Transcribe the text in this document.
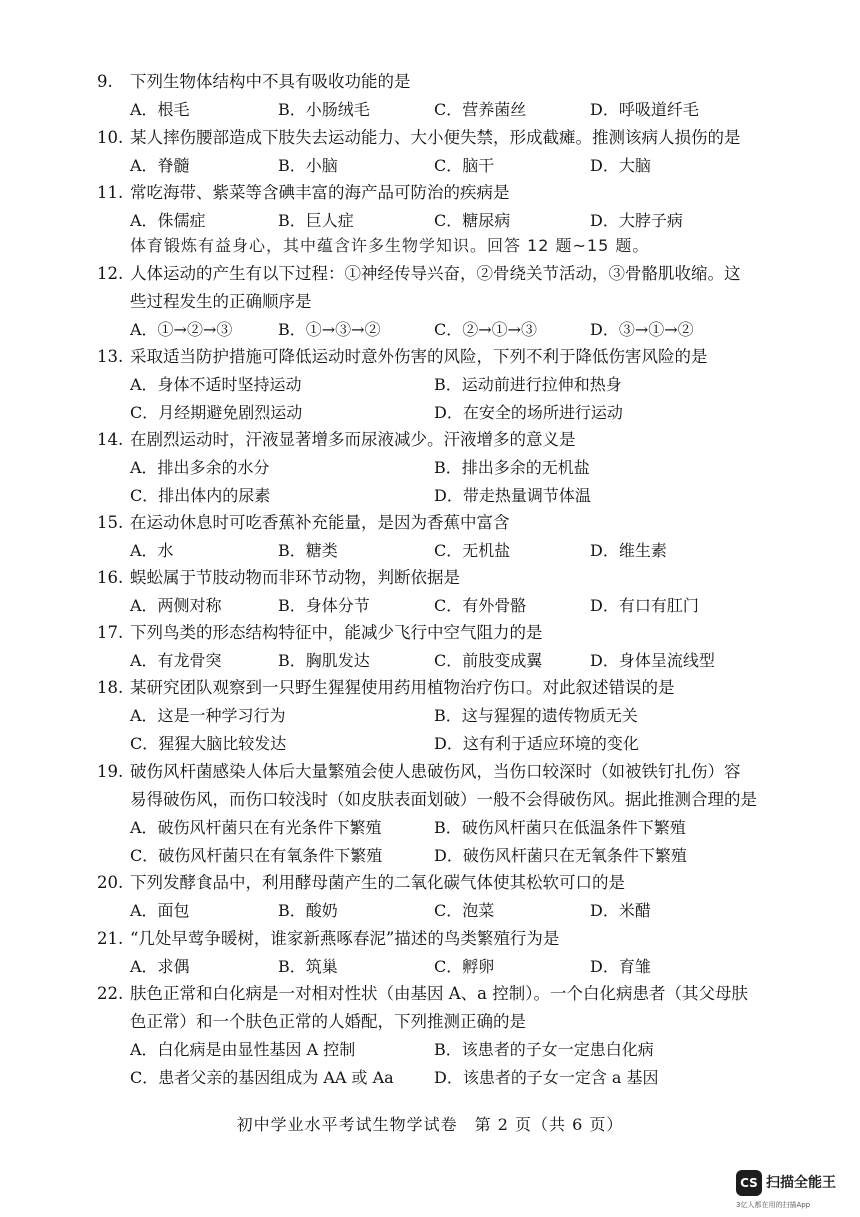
9.	下列生物体结构中不具有吸收功能的是
A．根毛	B．小肠绒毛	C．营养菌丝	D．呼吸道纤毛
10. 某人摔伤腰部造成下肢失去运动能力、大小便失禁，形成截瘫。推测该病人损伤的是
A．脊髓	B．小脑	C．脑干	D．大脑
11. 常吃海带、紫菜等含碘丰富的海产品可防治的疾病是
A．侏儒症	B．巨人症	C．糖尿病	D．大脖子病
体育锻炼有益身心，其中蕴含许多生物学知识。回答 12 题~15 题。
12. 人体运动的产生有以下过程：①神经传导兴奋，②骨绕关节活动，③骨骼肌收缩。这
些过程发生的正确顺序是
A．①→②→③	B．①→③→②	C．②→①→③	D．③→①→②
13. 采取适当防护措施可降低运动时意外伤害的风险，下列不利于降低伤害风险的是
A．身体不适时坚持运动	B．运动前进行拉伸和热身
C．月经期避免剧烈运动	D．在安全的场所进行运动
14. 在剧烈运动时，汗液显著增多而尿液减少。汗液增多的意义是
A．排出多余的水分	B．排出多余的无机盐
C．排出体内的尿素	D．带走热量调节体温
15. 在运动休息时可吃香蕉补充能量，是因为香蕉中富含
A．水	B．糖类	C．无机盐	D．维生素
16. 蜈蚣属于节肢动物而非环节动物，判断依据是
A．两侧对称	B．身体分节	C．有外骨骼	D．有口有肛门
17. 下列鸟类的形态结构特征中，能减少飞行中空气阻力的是
A．有龙骨突	B．胸肌发达	C．前肢变成翼	D．身体呈流线型
18. 某研究团队观察到一只野生猩猩使用药用植物治疗伤口。对此叙述错误的是
A．这是一种学习行为	B．这与猩猩的遗传物质无关
C．猩猩大脑比较发达	D．这有利于适应环境的变化
19. 破伤风杆菌感染人体后大量繁殖会使人患破伤风，当伤口较深时（如被铁钉扎伤）容
易得破伤风，而伤口较浅时（如皮肤表面划破）一般不会得破伤风。据此推测合理的是
A．破伤风杆菌只在有光条件下繁殖	B．破伤风杆菌只在低温条件下繁殖
C．破伤风杆菌只在有氧条件下繁殖	D．破伤风杆菌只在无氧条件下繁殖
20. 下列发酵食品中，利用酵母菌产生的二氧化碳气体使其松软可口的是
A．面包	B．酸奶	C．泡菜	D．米醋
21. “几处早莺争暖树，谁家新燕啄春泥”描述的鸟类繁殖行为是
A．求偶	B．筑巢	C．孵卵	D．育雏
22. 肤色正常和白化病是一对相对性状（由基因 A、a 控制）。一个白化病患者（其父母肤
色正常）和一个肤色正常的人婚配，下列推测正确的是
A．白化病是由显性基因 A 控制	B．该患者的子女一定患白化病
C．患者父亲的基因组成为 AA 或 Aa	D．该患者的子女一定含 a 基因
初中学业水平考试生物学试卷　第 2 页（共 6 页）
CS 扫描全能王
3亿人都在用的扫描App
